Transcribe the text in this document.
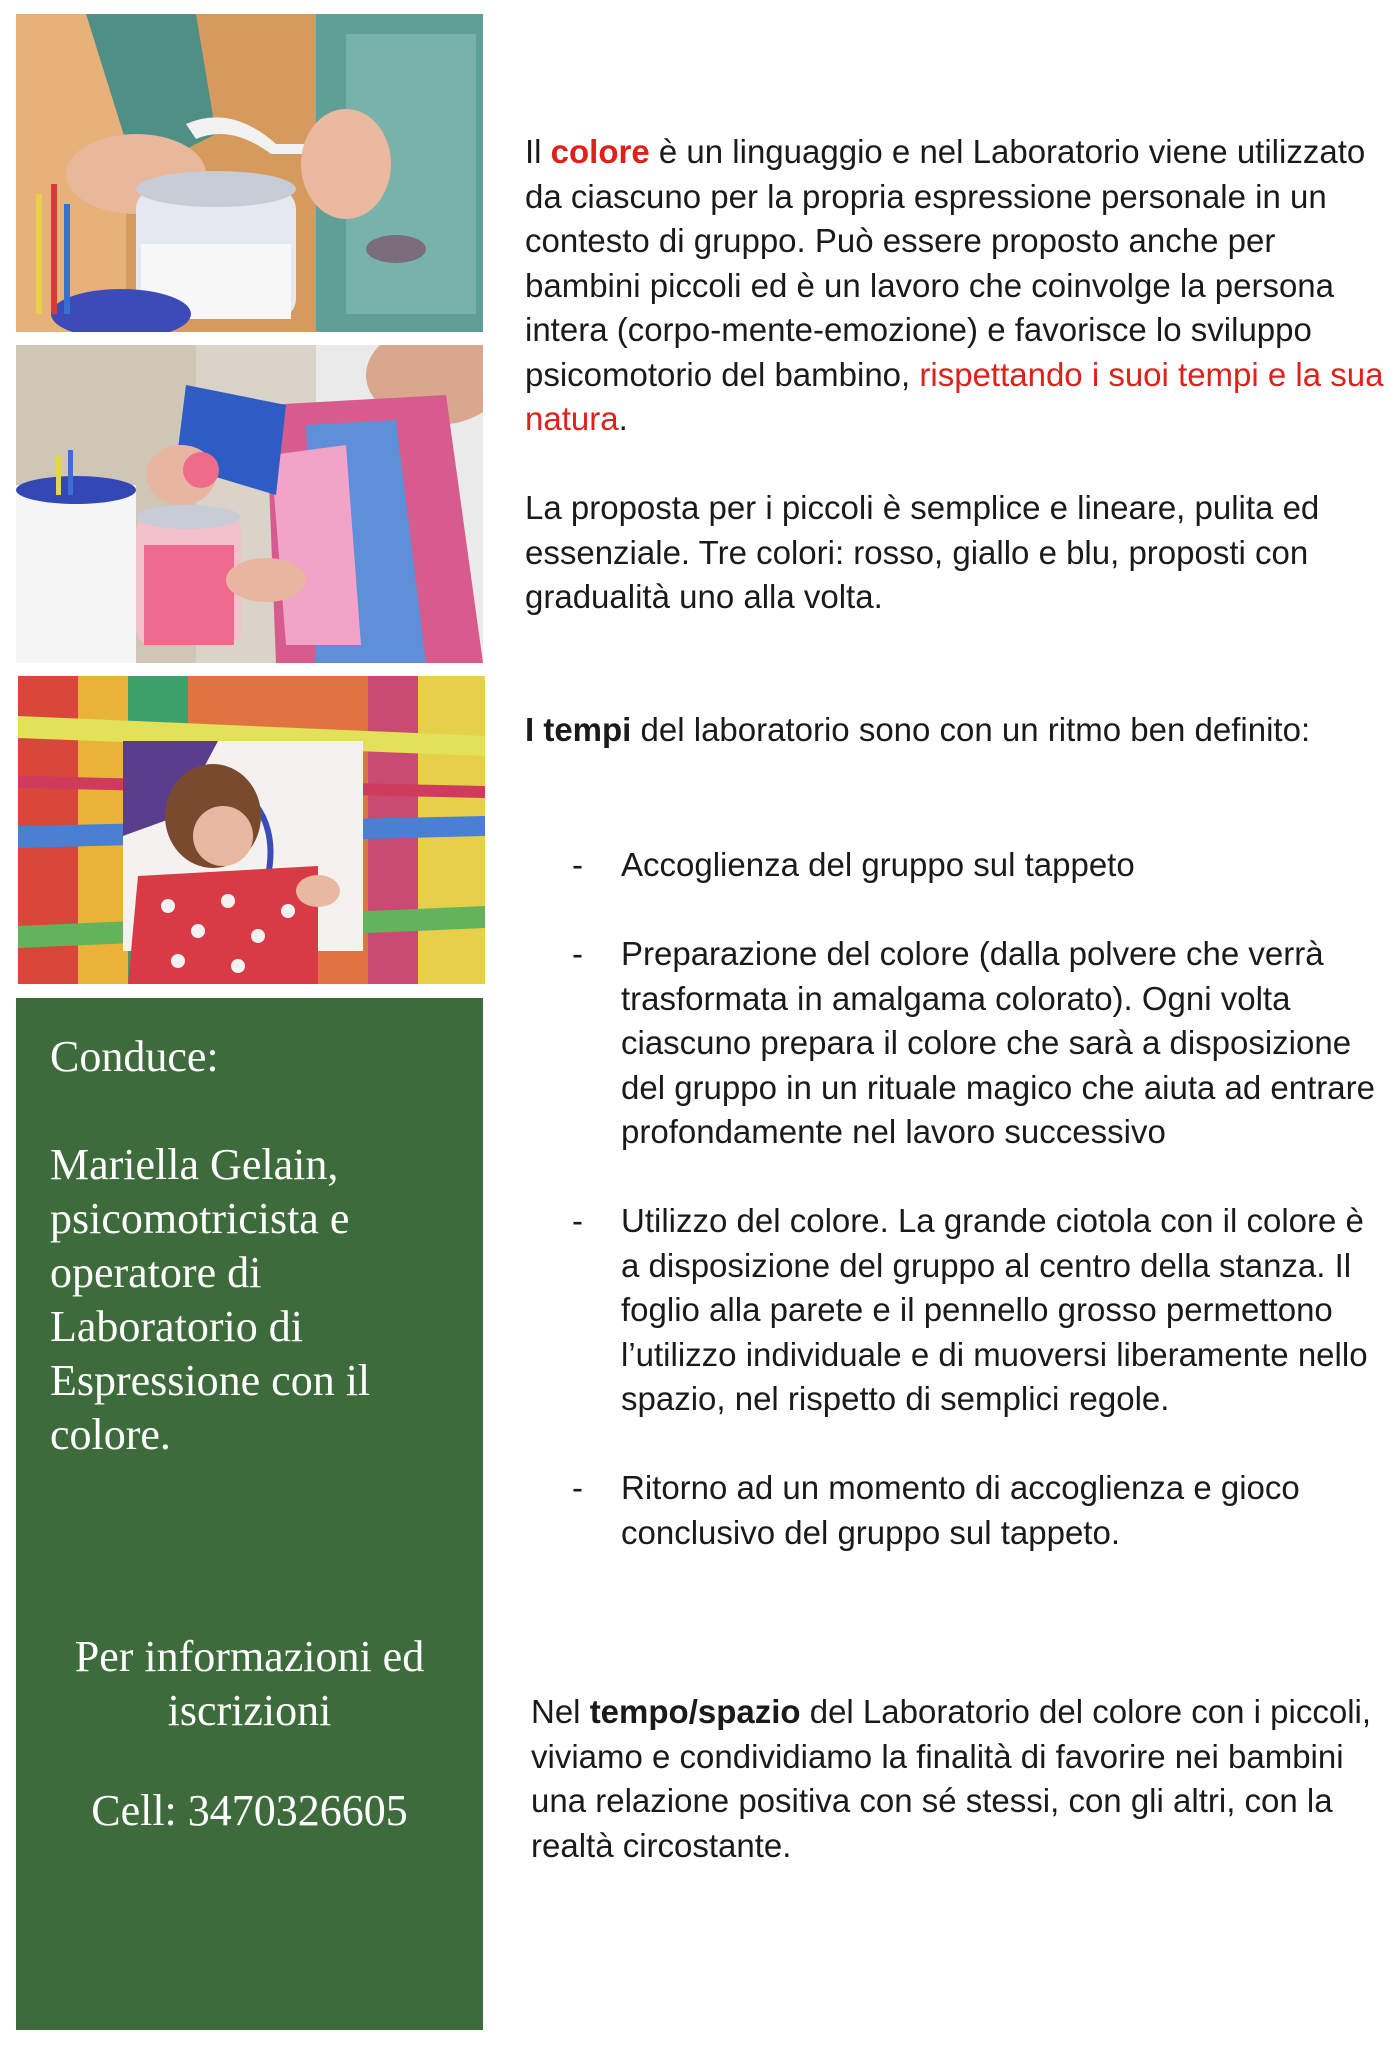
Conduce:
Mariella Gelain, psicomotricista e operatore di Laboratorio di Espressione con il colore.
Per informazioni ed iscrizioni
Cell: 3470326605

Il colore è un linguaggio e nel Laboratorio viene utilizzato da ciascuno per la propria espressione personale in un contesto di gruppo. Può essere proposto anche per bambini piccoli ed è un lavoro che coinvolge la persona intera (corpo-mente-emozione) e favorisce lo sviluppo psicomotorio del bambino, rispettando i suoi tempi e la sua natura.

La proposta per i piccoli è semplice e lineare, pulita ed essenziale. Tre colori: rosso, giallo e blu, proposti con gradualità uno alla volta.

I tempi del laboratorio sono con un ritmo ben definito:

- Accoglienza del gruppo sul tappeto
- Preparazione del colore (dalla polvere che verrà trasformata in amalgama colorato). Ogni volta ciascuno prepara il colore che sarà a disposizione del gruppo in un rituale magico che aiuta ad entrare profondamente nel lavoro successivo
- Utilizzo del colore. La grande ciotola con il colore è a disposizione del gruppo al centro della stanza. Il foglio alla parete e il pennello grosso permettono l’utilizzo individuale e di muoversi liberamente nello spazio, nel rispetto di semplici regole.
- Ritorno ad un momento di accoglienza e gioco conclusivo del gruppo sul tappeto.

Nel tempo/spazio del Laboratorio del colore con i piccoli, viviamo e condividiamo la finalità di favorire nei bambini una relazione positiva con sé stessi, con gli altri, con la realtà circostante.
